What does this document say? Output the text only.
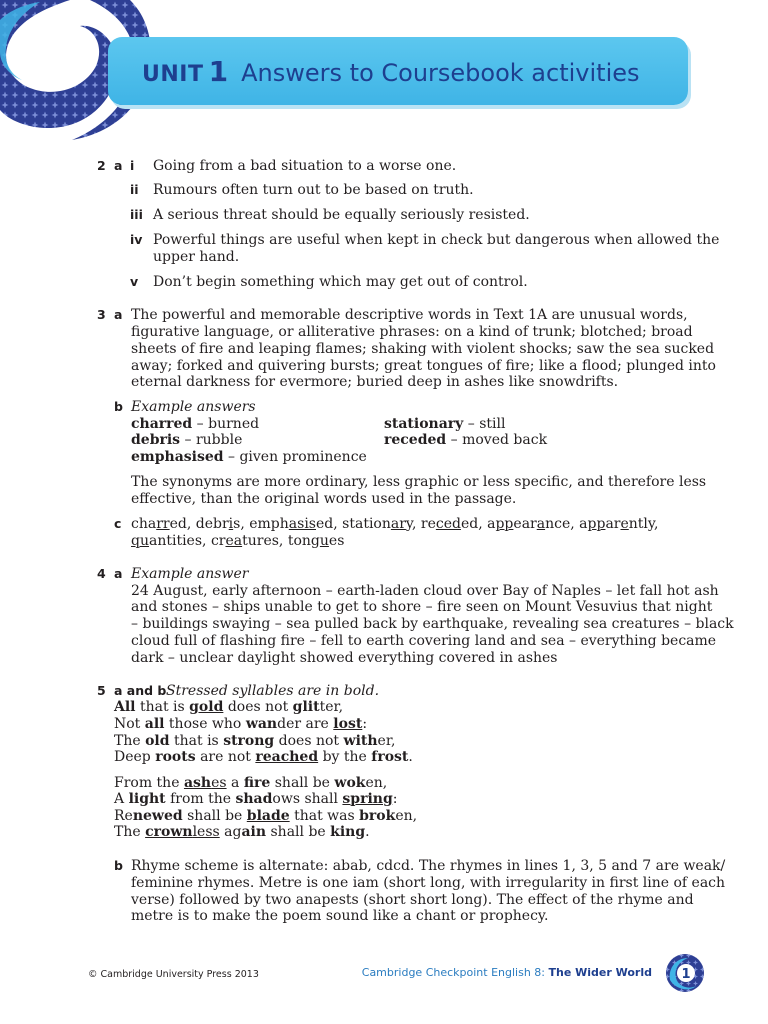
UNIT 1 Answers to Coursebook activities
2 a i Going from a bad situation to a worse one.
ii Rumours often turn out to be based on truth.
iii A serious threat should be equally seriously resisted.
iv Powerful things are useful when kept in check but dangerous when allowed the
upper hand.
v Don’t begin something which may get out of control.
3 a The powerful and memorable descriptive words in Text 1A are unusual words,
figurative language, or alliterative phrases: on a kind of trunk; blotched; broad
sheets of fire and leaping flames; shaking with violent shocks; saw the sea sucked
away; forked and quivering bursts; great tongues of fire; like a flood; plunged into
eternal darkness for evermore; buried deep in ashes like snowdrifts.
b Example answers
charred – burned
debris – rubble
emphasised – given prominence
stationary – still
receded – moved back
The synonyms are more ordinary, less graphic or less specific, and therefore less
effective, than the original words used in the passage.
c charred, debris, emphasised, stationary, receded, appearance, apparently,
quantities, creatures, tongues
4 a Example answer
24 August, early afternoon – earth-laden cloud over Bay of Naples – let fall hot ash
and stones – ships unable to get to shore – fire seen on Mount Vesuvius that night
– buildings swaying – sea pulled back by earthquake, revealing sea creatures – black
cloud full of flashing fire – fell to earth covering land and sea – everything became
dark – unclear daylight showed everything covered in ashes
5 a and b Stressed syllables are in bold.
All that is gold does not glitter,
Not all those who wander are lost:
The old that is strong does not wither,
Deep roots are not reached by the frost.
From the ashes a fire shall be woken,
A light from the shadows shall spring:
Renewed shall be blade that was broken,
The crownless again shall be king.
b Rhyme scheme is alternate: abab, cdcd. The rhymes in lines 1, 3, 5 and 7 are weak/
feminine rhymes. Metre is one iam (short long, with irregularity in first line of each
verse) followed by two anapests (short short long). The effect of the rhyme and
metre is to make the poem sound like a chant or prophecy.
© Cambridge University Press 2013	Cambridge Checkpoint English 8: The Wider World 1
